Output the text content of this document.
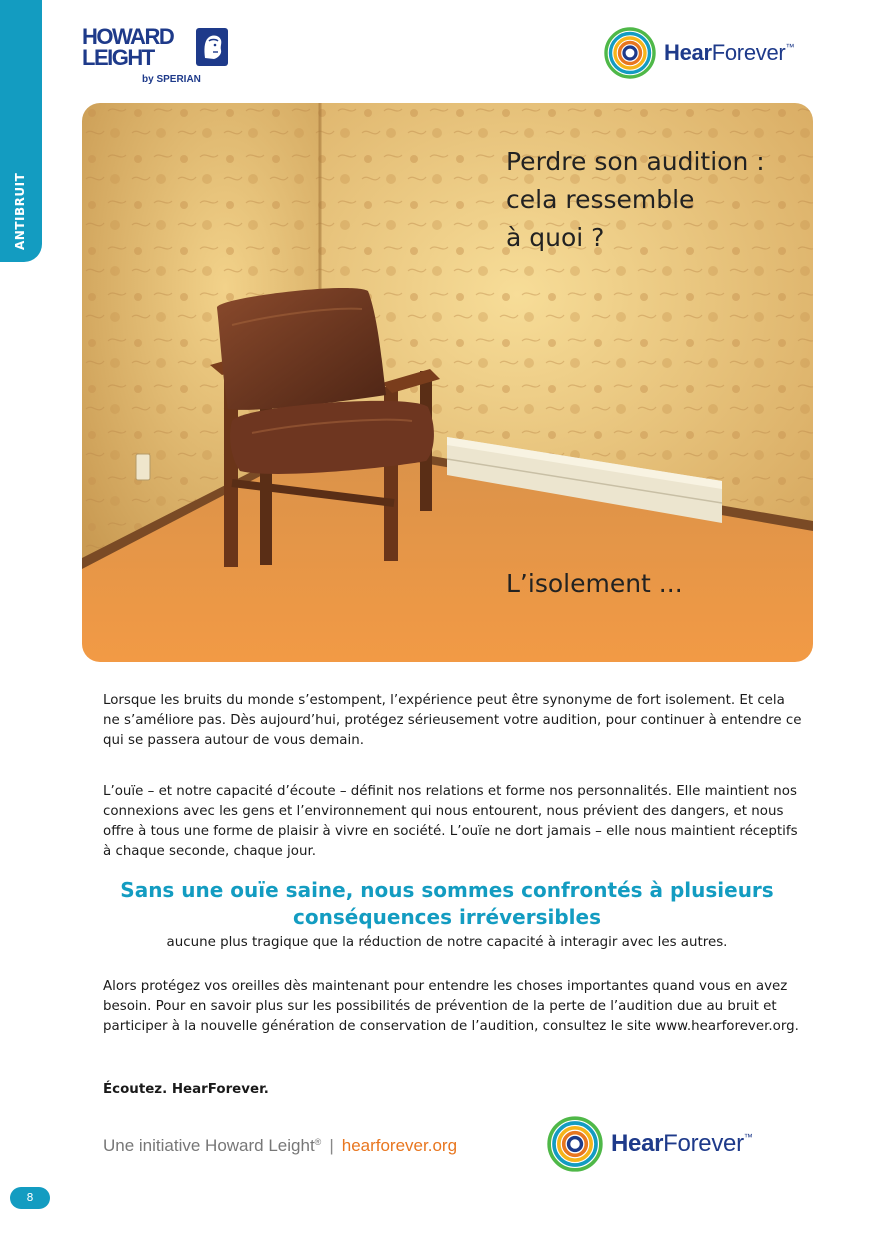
ANTIBRUIT
HOWARD
LEIGHT
by SPERIAN
HearForever™
Perdre son audition :
cela ressemble
à quoi ?
L’isolement ...
Lorsque les bruits du monde s’estompent, l’expérience peut être synonyme de fort isolement. Et cela ne s’améliore pas. Dès aujourd’hui, protégez sérieusement votre audition, pour continuer à entendre ce qui se passera autour de vous demain.
L’ouïe – et notre capacité d’écoute – définit nos relations et forme nos personnalités. Elle maintient nos connexions avec les gens et l’environnement qui nous entourent, nous prévient des dangers, et nous offre à tous une forme de plaisir à vivre en société. L’ouïe ne dort jamais – elle nous maintient réceptifs à chaque seconde, chaque jour.
Sans une ouïe saine, nous sommes confrontés à plusieurs conséquences irréversibles
aucune plus tragique que la réduction de notre capacité à interagir avec les autres.
Alors protégez vos oreilles dès maintenant pour entendre les choses importantes quand vous en avez besoin. Pour en savoir plus sur les possibilités de prévention de la perte de l’audition due au bruit et participer à la nouvelle génération de conservation de l’audition, consultez le site www.hearforever.org.
Écoutez. HearForever.
Une initiative Howard Leight® | hearforever.org	HearForever™
8
